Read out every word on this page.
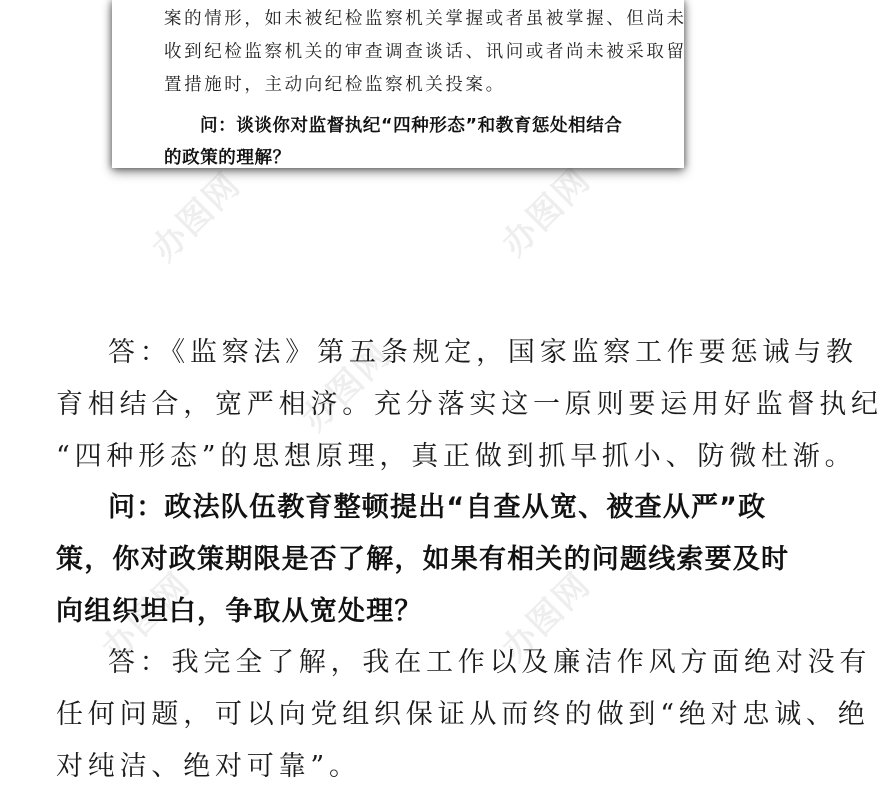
办图网	办图网
办图网
办图网	办图网
案的情形，如未被纪检监察机关掌握或者虽被掌握、但尚未
收到纪检监察机关的审查调查谈话、讯问或者尚未被采取留
置措施时，主动向纪检监察机关投案。
问：谈谈你对监督执纪“四种形态”和教育惩处相结合
的政策的理解？
答：《监察法》第五条规定，国家监察工作要惩诫与教
育相结合，宽严相济。充分落实这一原则要运用好监督执纪
“四种形态”的思想原理，真正做到抓早抓小、防微杜渐。
问：政法队伍教育整顿提出“自查从宽、被查从严”政
策，你对政策期限是否了解，如果有相关的问题线索要及时
向组织坦白，争取从宽处理？
答：我完全了解，我在工作以及廉洁作风方面绝对没有
任何问题，可以向党组织保证从而终的做到“绝对忠诚、绝
对纯洁、绝对可靠”。
